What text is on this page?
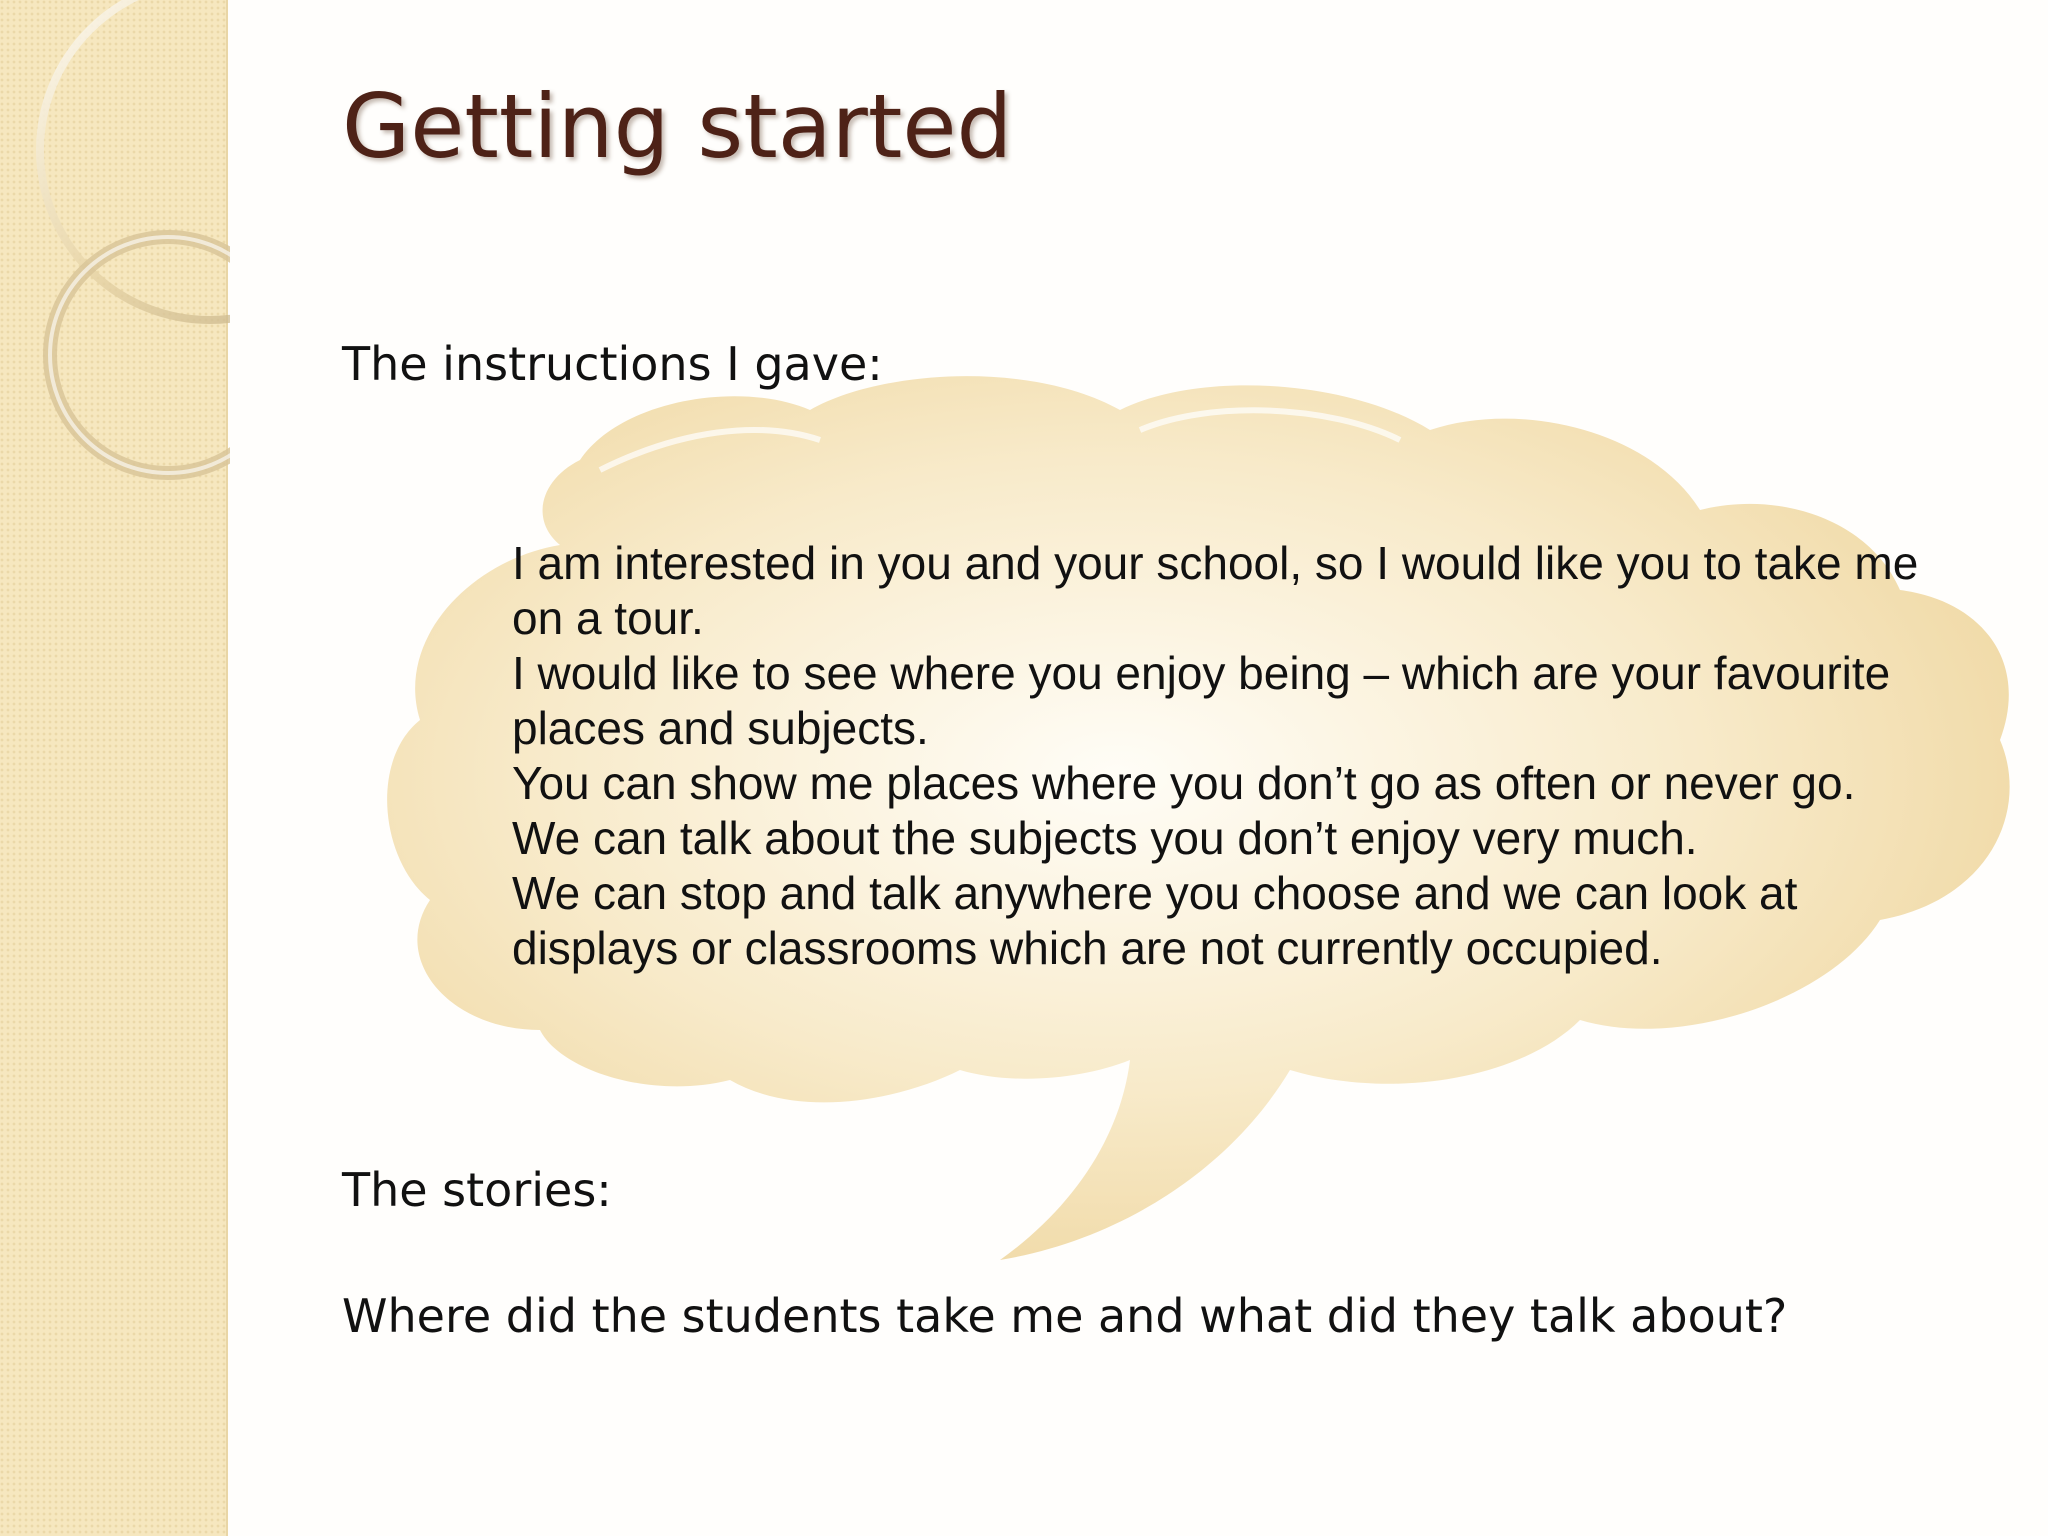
Getting started

The instructions I gave:

I am interested in you and your school, so I would like you to take me on a tour.

I would like to see where you enjoy being – which are your favourite places and subjects.

You can show me places where you don’t go as often or never go. We can talk about the subjects you don’t enjoy very much.

We can stop and talk anywhere you choose and we can look at displays or classrooms which are not currently occupied.

The stories:

Where did the students take me and what did they talk about?
